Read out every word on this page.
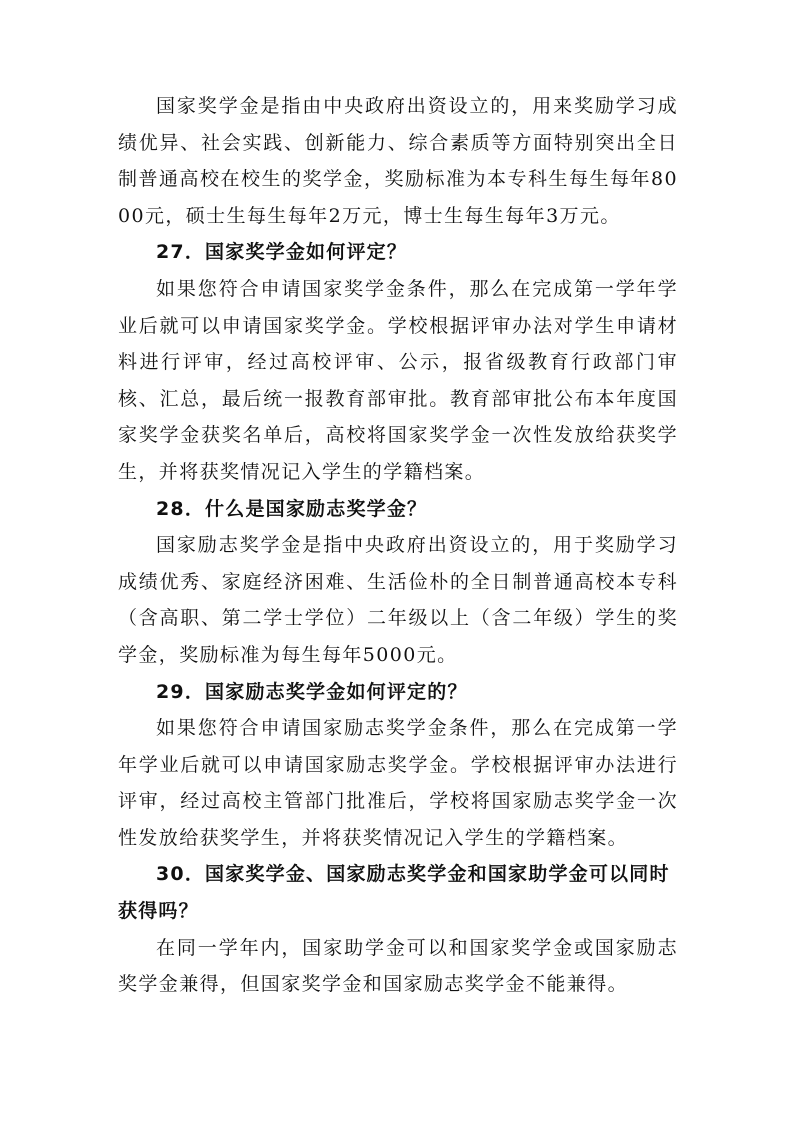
国家奖学金是指由中央政府出资设立的，用来奖励学习成绩优异、社会实践、创新能力、综合素质等方面特别突出全日制普通高校在校生的奖学金，奖励标准为本专科生每生每年8000元，硕士生每生每年2万元，博士生每生每年3万元。

27．国家奖学金如何评定？

如果您符合申请国家奖学金条件，那么在完成第一学年学业后就可以申请国家奖学金。学校根据评审办法对学生申请材料进行评审，经过高校评审、公示，报省级教育行政部门审核、汇总，最后统一报教育部审批。教育部审批公布本年度国家奖学金获奖名单后，高校将国家奖学金一次性发放给获奖学生，并将获奖情况记入学生的学籍档案。

28．什么是国家励志奖学金？

国家励志奖学金是指中央政府出资设立的，用于奖励学习成绩优秀、家庭经济困难、生活俭朴的全日制普通高校本专科（含高职、第二学士学位）二年级以上（含二年级）学生的奖学金，奖励标准为每生每年5000元。

29．国家励志奖学金如何评定的？

如果您符合申请国家励志奖学金条件，那么在完成第一学年学业后就可以申请国家励志奖学金。学校根据评审办法进行评审，经过高校主管部门批准后，学校将国家励志奖学金一次性发放给获奖学生，并将获奖情况记入学生的学籍档案。

30．国家奖学金、国家励志奖学金和国家助学金可以同时获得吗？

在同一学年内，国家助学金可以和国家奖学金或国家励志奖学金兼得，但国家奖学金和国家励志奖学金不能兼得。
